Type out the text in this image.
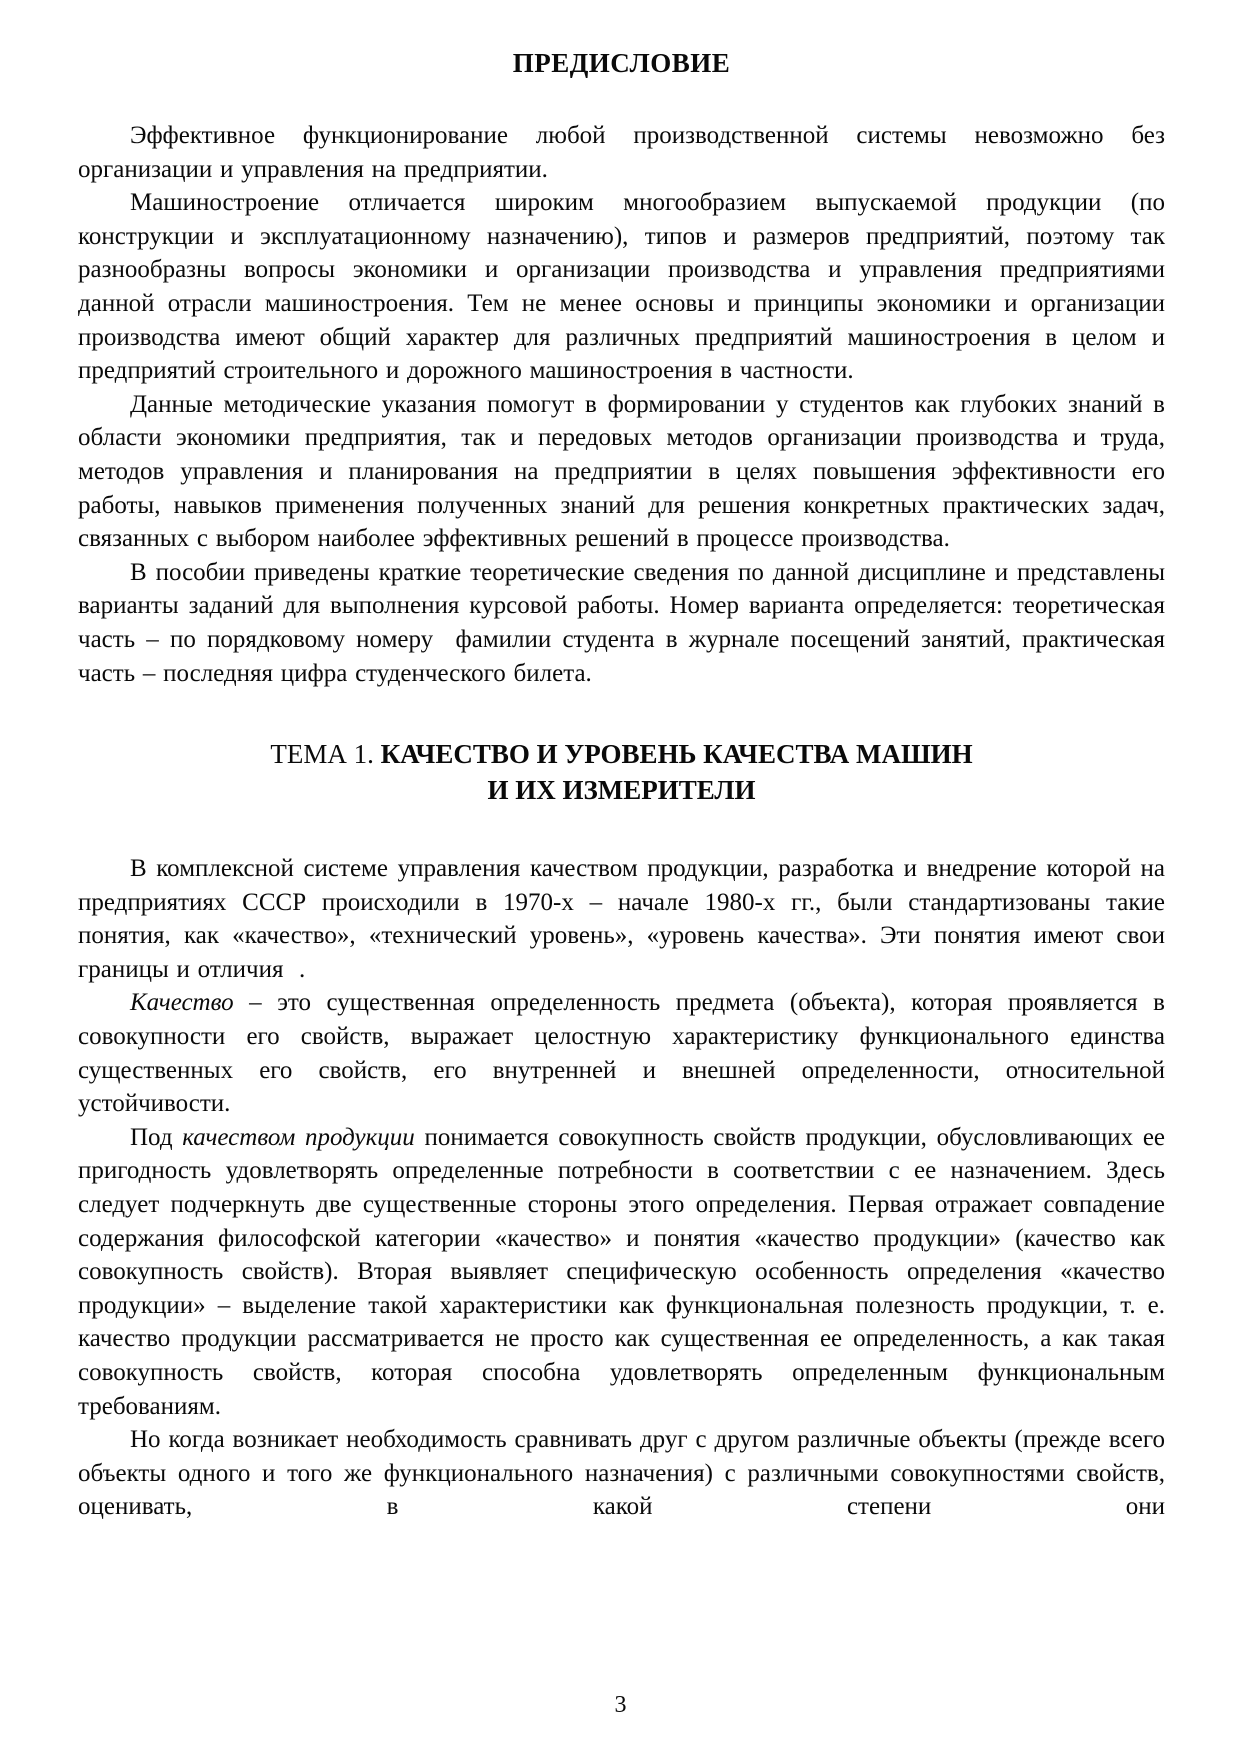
ПРЕДИСЛОВИЕ

Эффективное функционирование любой производственной системы невозможно без организации и управления на предприятии.

Машиностроение отличается широким многообразием выпускаемой продукции (по конструкции и эксплуатационному назначению), типов и размеров предприятий, поэтому так разнообразны вопросы экономики и организации производства и управления предприятиями данной отрасли машиностроения. Тем не менее основы и принципы экономики и организации производства имеют общий характер для различных предприятий машиностроения в целом и предприятий строительного и дорожного машиностроения в частности.

Данные методические указания помогут в формировании у студентов как глубоких знаний в области экономики предприятия, так и передовых методов организации производства и труда, методов управления и планирования на предприятии в целях повышения эффективности его работы, навыков применения полученных знаний для решения конкретных практических задач, связанных с выбором наиболее эффективных решений в процессе производства.

В пособии приведены краткие теоретические сведения по данной дисциплине и представлены варианты заданий для выполнения курсовой работы. Номер варианта определяется: теоретическая часть – по порядковому номеру  фамилии студента в журнале посещений занятий, практическая часть – последняя цифра студенческого билета.

ТЕМА 1. КАЧЕСТВО И УРОВЕНЬ КАЧЕСТВА МАШИН
И ИХ ИЗМЕРИТЕЛИ

В комплексной системе управления качеством продукции, разработка и внедрение которой на предприятиях СССР происходили в 1970-х – начале 1980-х гг., были стандартизованы такие понятия, как «качество», «технический уровень», «уровень качества». Эти понятия имеют свои границы и отличия  .

Качество – это существенная определенность предмета (объекта), которая проявляется в совокупности его свойств, выражает целостную характеристику функционального единства существенных его свойств, его внутренней и внешней определенности, относительной устойчивости.

Под качеством продукции понимается совокупность свойств продукции, обусловливающих ее пригодность удовлетворять определенные потребности в соответствии с ее назначением. Здесь следует подчеркнуть две существенные стороны этого определения. Первая отражает совпадение содержания философской категории «качество» и понятия «качество продукции» (качество как совокупность свойств). Вторая выявляет специфическую особенность определения «качество продукции» – выделение такой характеристики как функциональная полезность продукции, т. е. качество продукции рассматривается не просто как существенная ее определенность, а как такая совокупность свойств, которая способна удовлетворять определенным функциональным требованиям.

Но когда возникает необходимость сравнивать друг с другом различные объекты (прежде всего объекты одного и того же функционального назначения) с различными совокупностями свойств, оценивать, в какой степени они

3
